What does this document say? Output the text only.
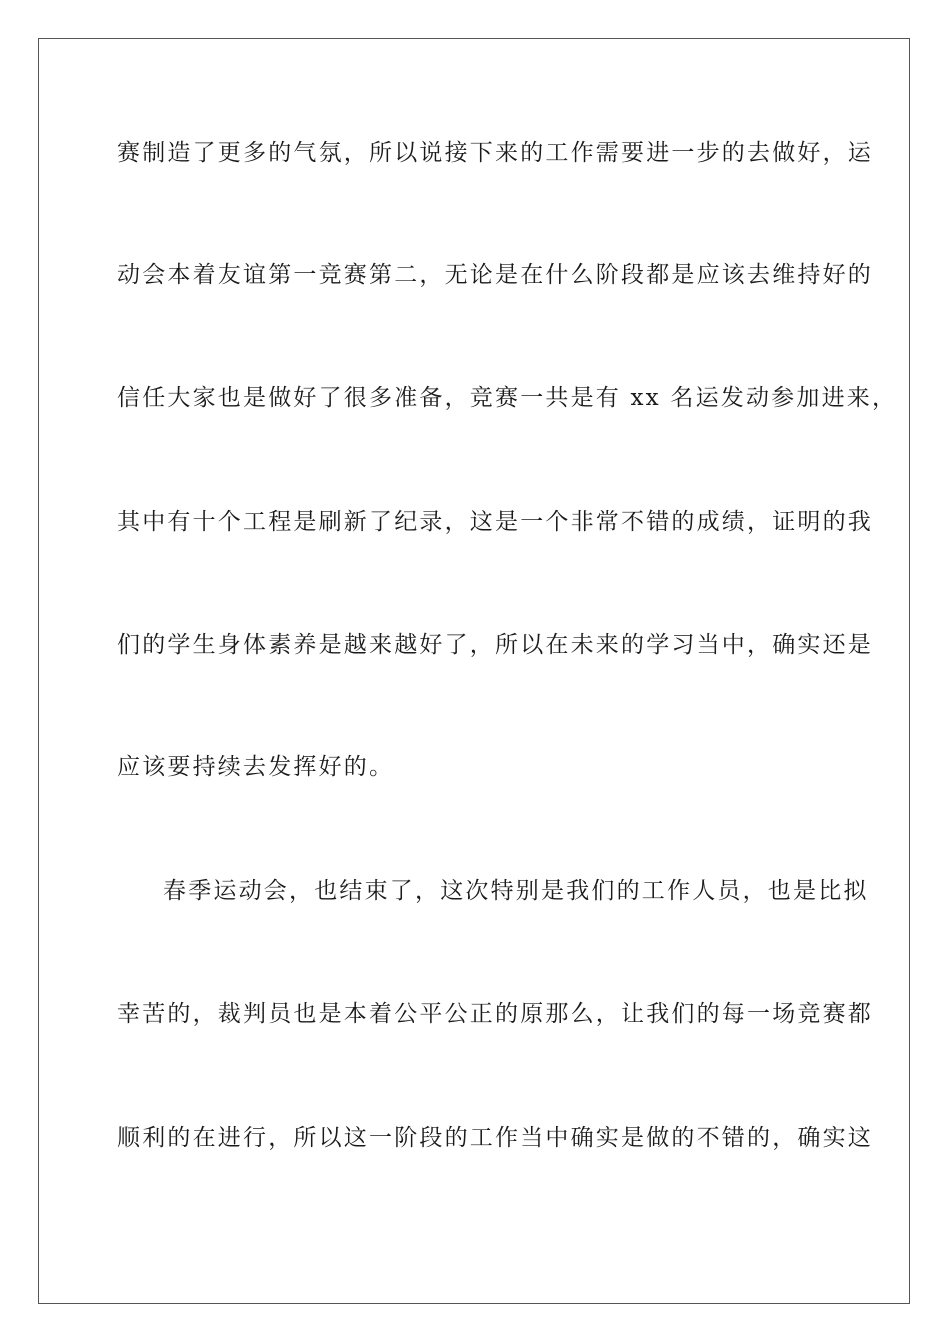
赛制造了更多的气氛，所以说接下来的工作需要进一步的去做好，运
动会本着友谊第一竞赛第二，无论是在什么阶段都是应该去维持好的
信任大家也是做好了很多准备，竞赛一共是有 xx 名运发动参加进来，
其中有十个工程是刷新了纪录，这是一个非常不错的成绩，证明的我
们的学生身体素养是越来越好了，所以在未来的学习当中，确实还是
应该要持续去发挥好的。
春季运动会，也结束了，这次特别是我们的工作人员，也是比拟
幸苦的，裁判员也是本着公平公正的原那么，让我们的每一场竞赛都
顺利的在进行，所以这一阶段的工作当中确实是做的不错的，确实这
